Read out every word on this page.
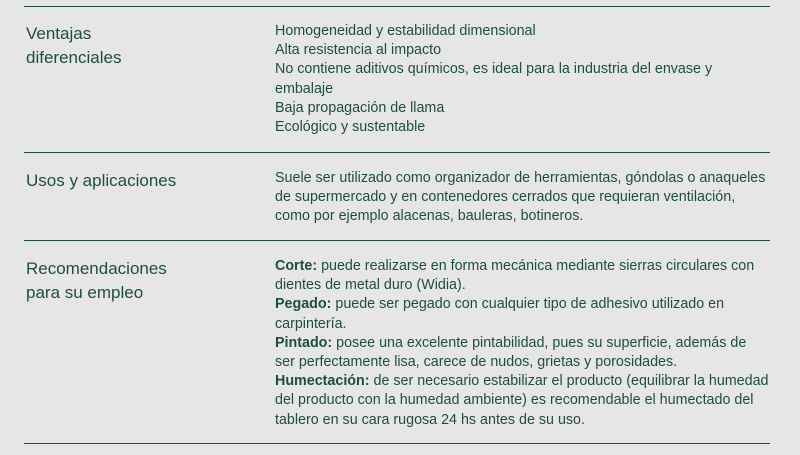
Ventajas
diferenciales
Homogeneidad y estabilidad dimensional
Alta resistencia al impacto
No contiene aditivos químicos, es ideal para la industria del envase y embalaje
Baja propagación de llama
Ecológico y sustentable
Usos y aplicaciones	Suele ser utilizado como organizador de herramientas, góndolas o anaqueles de supermercado y en contenedores cerrados que requieran ventilación, como por ejemplo alacenas, bauleras, botineros.
Recomendaciones
para su empleo
Corte: puede realizarse en forma mecánica mediante sierras circulares con dientes de metal duro (Widia).
Pegado: puede ser pegado con cualquier tipo de adhesivo utilizado en carpintería.
Pintado: posee una excelente pintabilidad, pues su superficie, además de ser perfectamente lisa, carece de nudos, grietas y porosidades.
Humectación: de ser necesario estabilizar el producto (equilibrar la humedad del producto con la humedad ambiente) es recomendable el humectado del tablero en su cara rugosa 24 hs antes de su uso.
